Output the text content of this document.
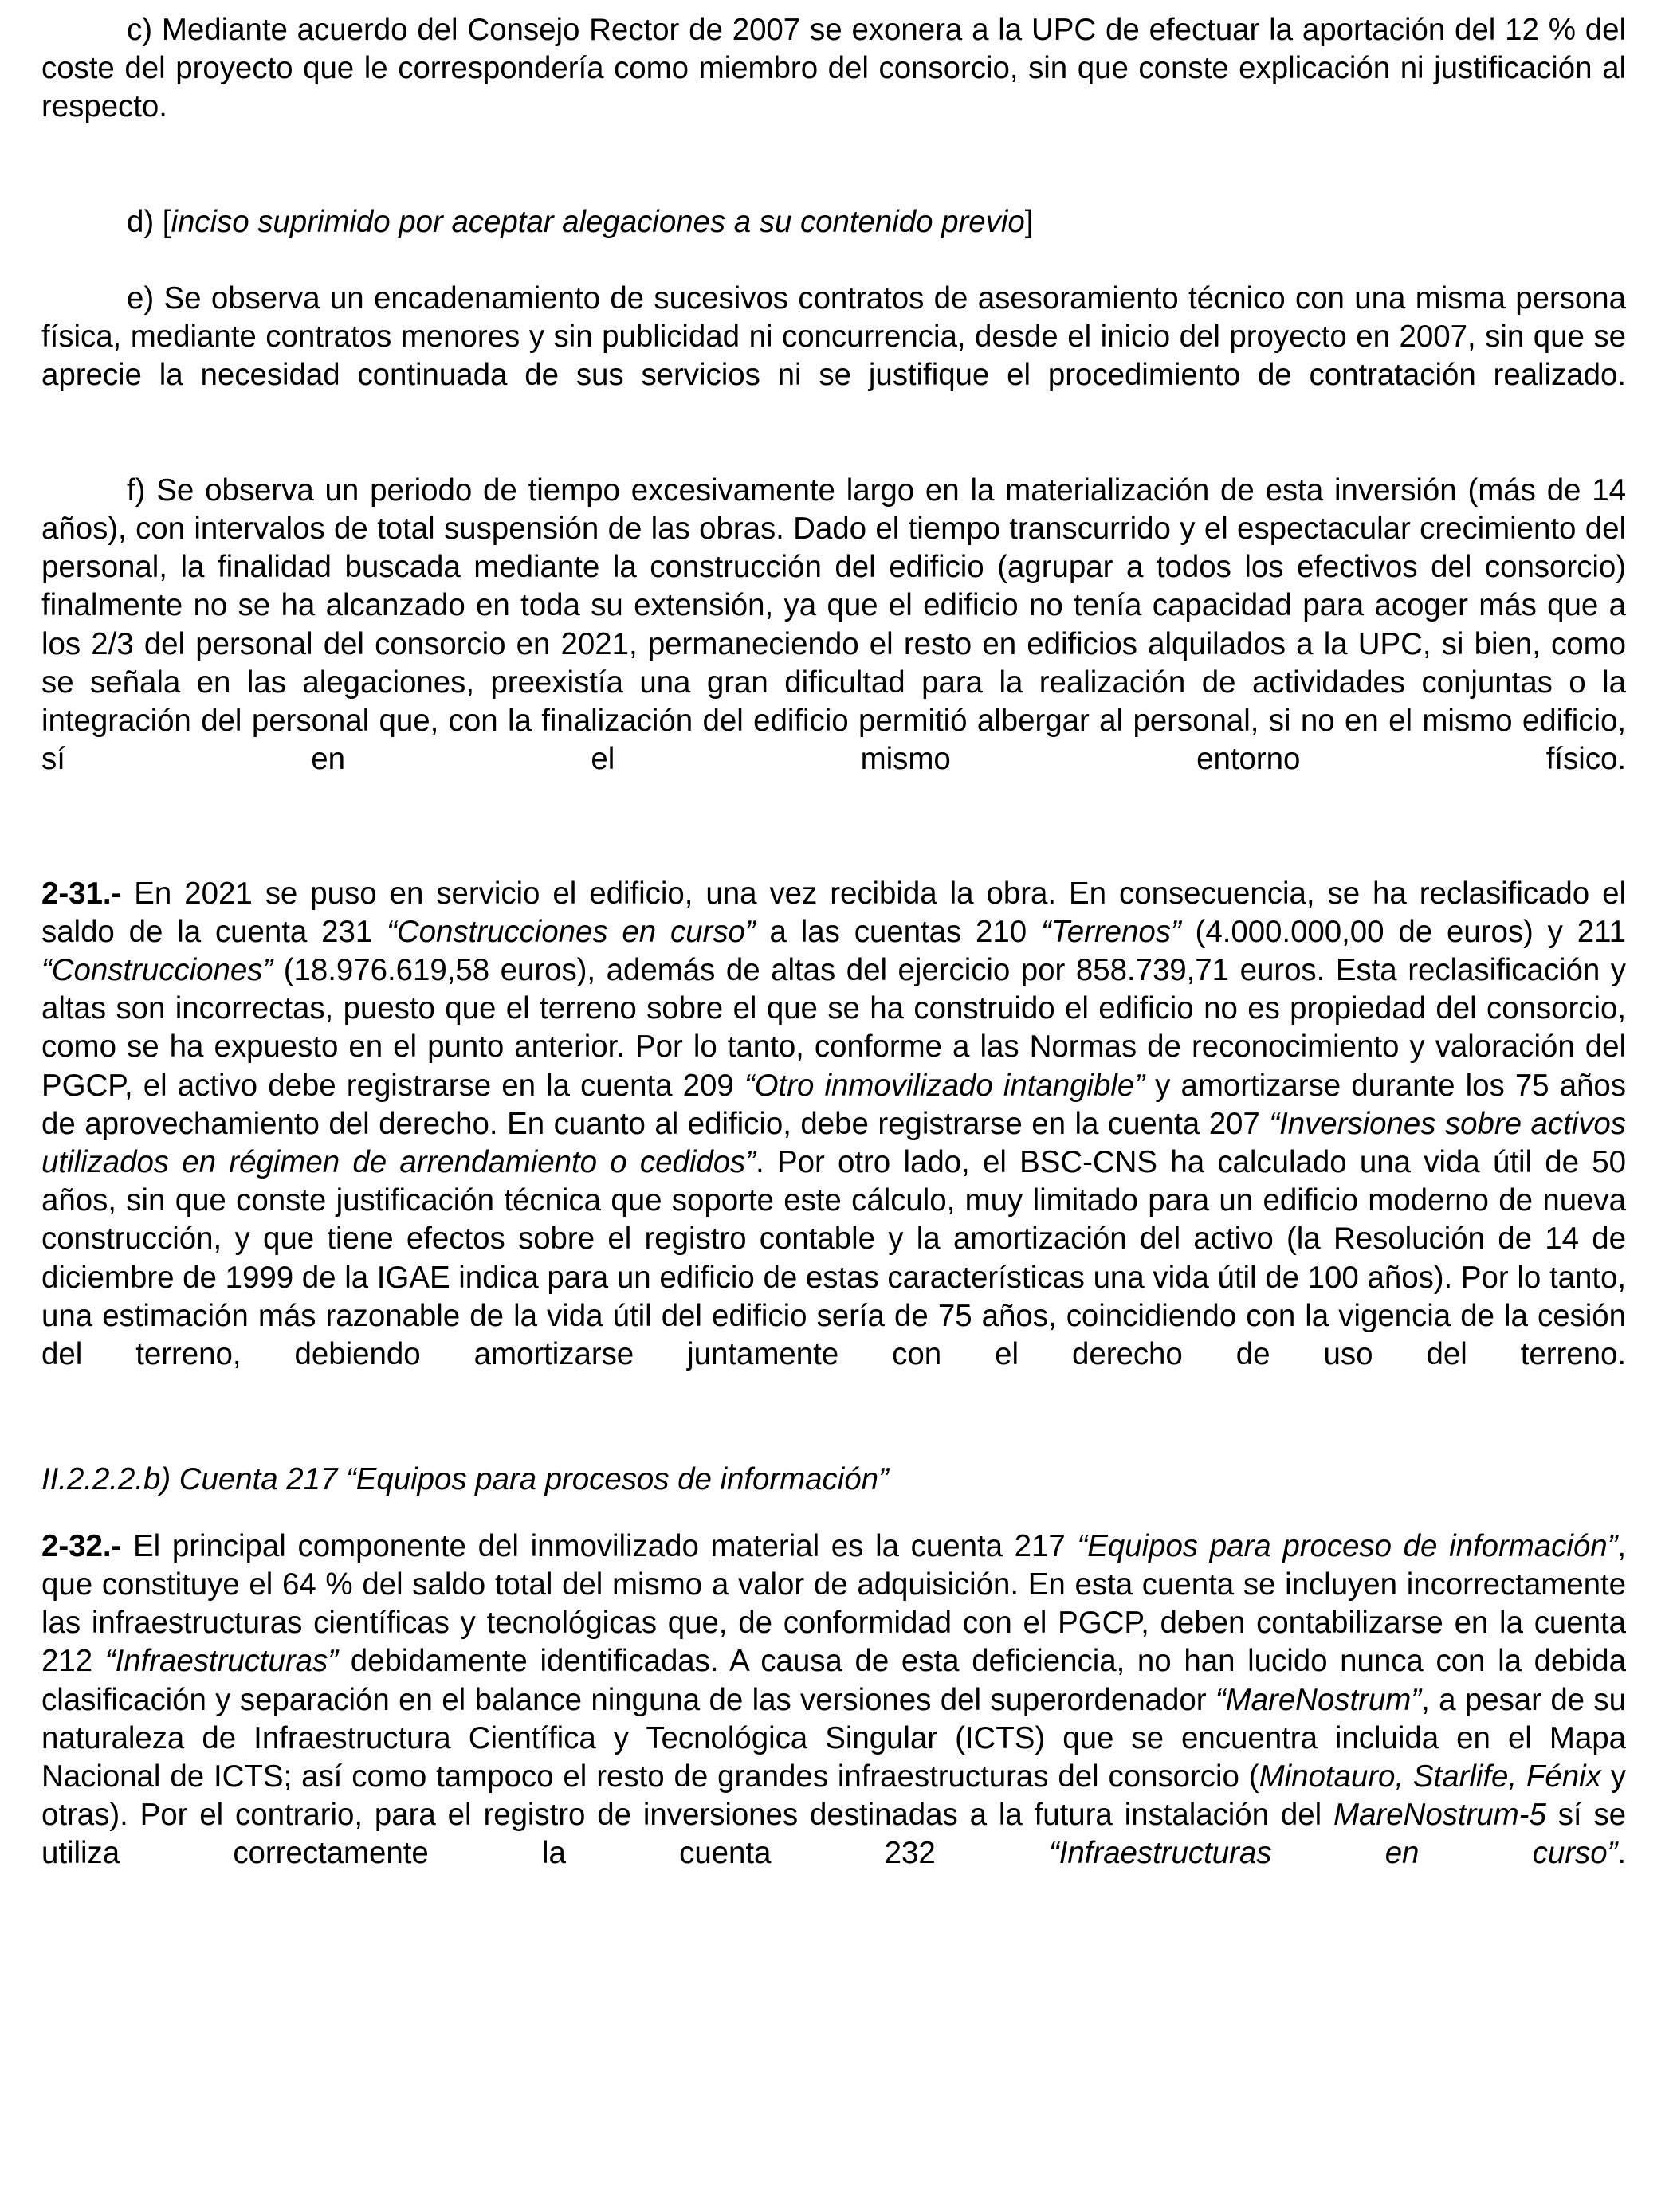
c) Mediante acuerdo del Consejo Rector de 2007 se exonera a la UPC de efectuar la aportación del 12 % del coste del proyecto que le correspondería como miembro del consorcio, sin que conste explicación ni justificación al respecto.

d) [inciso suprimido por aceptar alegaciones a su contenido previo]

e) Se observa un encadenamiento de sucesivos contratos de asesoramiento técnico con una misma persona física, mediante contratos menores y sin publicidad ni concurrencia, desde el inicio del proyecto en 2007, sin que se aprecie la necesidad continuada de sus servicios ni se justifique el procedimiento de contratación realizado.

f) Se observa un periodo de tiempo excesivamente largo en la materialización de esta inversión (más de 14 años), con intervalos de total suspensión de las obras. Dado el tiempo transcurrido y el espectacular crecimiento del personal, la finalidad buscada mediante la construcción del edificio (agrupar a todos los efectivos del consorcio) finalmente no se ha alcanzado en toda su extensión, ya que el edificio no tenía capacidad para acoger más que a los 2/3 del personal del consorcio en 2021, permaneciendo el resto en edificios alquilados a la UPC, si bien, como se señala en las alegaciones, preexistía una gran dificultad para la realización de actividades conjuntas o la integración del personal que, con la finalización del edificio permitió albergar al personal, si no en el mismo edificio, sí en el mismo entorno físico.

2-31.- En 2021 se puso en servicio el edificio, una vez recibida la obra. En consecuencia, se ha reclasificado el saldo de la cuenta 231 “Construcciones en curso” a las cuentas 210 “Terrenos” (4.000.000,00 de euros) y 211 “Construcciones” (18.976.619,58 euros), además de altas del ejercicio por 858.739,71 euros. Esta reclasificación y altas son incorrectas, puesto que el terreno sobre el que se ha construido el edificio no es propiedad del consorcio, como se ha expuesto en el punto anterior. Por lo tanto, conforme a las Normas de reconocimiento y valoración del PGCP, el activo debe registrarse en la cuenta 209 “Otro inmovilizado intangible” y amortizarse durante los 75 años de aprovechamiento del derecho. En cuanto al edificio, debe registrarse en la cuenta 207 “Inversiones sobre activos utilizados en régimen de arrendamiento o cedidos”. Por otro lado, el BSC-CNS ha calculado una vida útil de 50 años, sin que conste justificación técnica que soporte este cálculo, muy limitado para un edificio moderno de nueva construcción, y que tiene efectos sobre el registro contable y la amortización del activo (la Resolución de 14 de diciembre de 1999 de la IGAE indica para un edificio de estas características una vida útil de 100 años). Por lo tanto, una estimación más razonable de la vida útil del edificio sería de 75 años, coincidiendo con la vigencia de la cesión del terreno, debiendo amortizarse juntamente con el derecho de uso del terreno.

II.2.2.2.b) Cuenta 217 “Equipos para procesos de información”

2-32.- El principal componente del inmovilizado material es la cuenta 217 “Equipos para proceso de información”, que constituye el 64 % del saldo total del mismo a valor de adquisición. En esta cuenta se incluyen incorrectamente las infraestructuras científicas y tecnológicas que, de conformidad con el PGCP, deben contabilizarse en la cuenta 212 “Infraestructuras” debidamente identificadas. A causa de esta deficiencia, no han lucido nunca con la debida clasificación y separación en el balance ninguna de las versiones del superordenador “MareNostrum”, a pesar de su naturaleza de Infraestructura Científica y Tecnológica Singular (ICTS) que se encuentra incluida en el Mapa Nacional de ICTS; así como tampoco el resto de grandes infraestructuras del consorcio (Minotauro, Starlife, Fénix y otras). Por el contrario, para el registro de inversiones destinadas a la futura instalación del MareNostrum-5 sí se utiliza correctamente la cuenta 232 “Infraestructuras en curso”.
